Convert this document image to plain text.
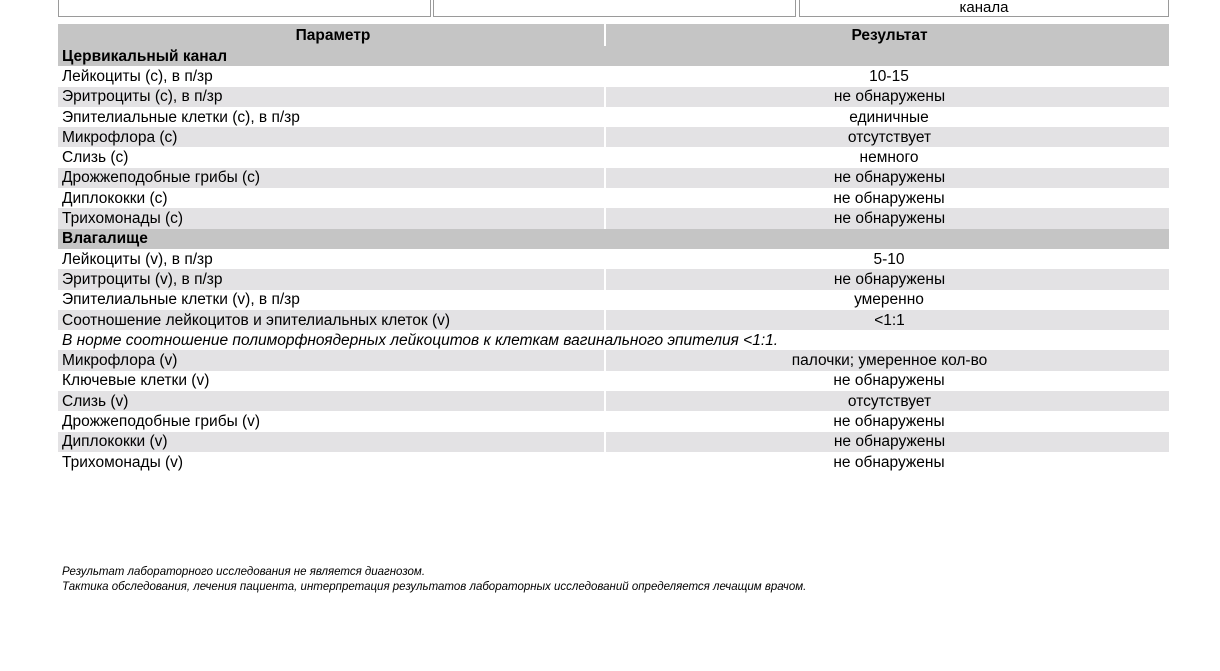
канала
Параметр	Результат
Цервикальный канал	
Лейкоциты (c), в п/зр	10-15
Эритроциты (c), в п/зр	не обнаружены
Эпителиальные клетки (c), в п/зр	единичные
Микрофлора (c)	отсутствует
Слизь (c)	немного
Дрожжеподобные грибы (c)	не обнаружены
Диплококки (c)	не обнаружены
Трихомонады (c)	не обнаружены
Влагалище	
Лейкоциты (v), в п/зр	5-10
Эритроциты (v), в п/зр	не обнаружены
Эпителиальные клетки (v), в п/зр	умеренно
Соотношение лейкоцитов и эпителиальных клеток (v)	<1:1
В норме соотношение полиморфноядерных лейкоцитов к клеткам вагинального эпителия <1:1.	
Микрофлора (v)	палочки; умеренное кол-во
Ключевые клетки (v)	не обнаружены
Слизь (v)	отсутствует
Дрожжеподобные грибы (v)	не обнаружены
Диплококки (v)	не обнаружены
Трихомонады (v)	не обнаружены
Результат лабораторного исследования не является диагнозом.
Тактика обследования, лечения пациента, интерпретация результатов лабораторных исследований определяется лечащим врачом.
